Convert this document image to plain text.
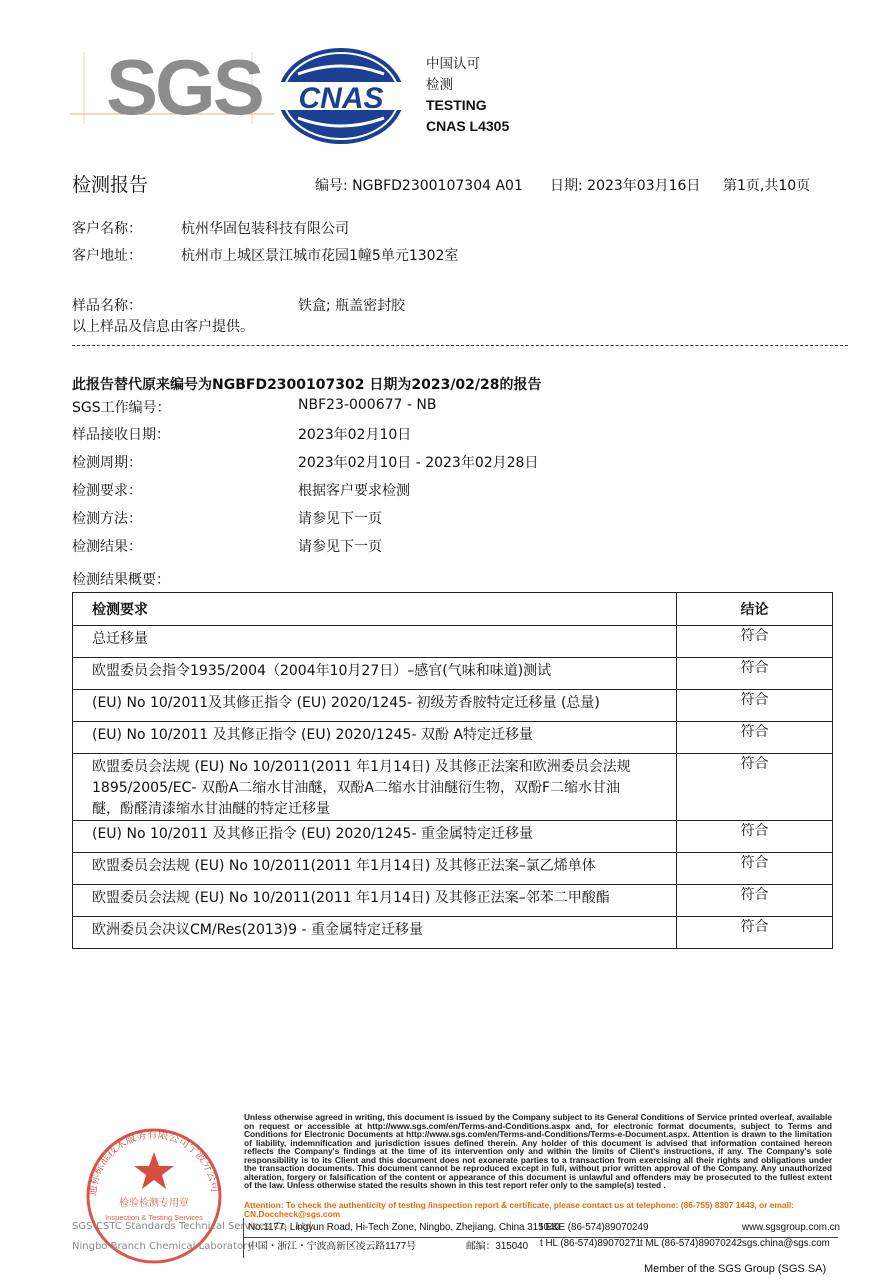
SGS CNAS
中国认可
检测
TESTING
CNAS L4305
检测报告	编号: NGBFD2300107304 A01 日期: 2023年03月16日 第1页,共10页
客户名称：	杭州华固包装科技有限公司
客户地址：	杭州市上城区景江城市花园1幢5单元1302室
样品名称：	铁盒; 瓶盖密封胶
以上样品及信息由客户提供。
此报告替代原来编号为NGBFD2300107302 日期为2023/02/28的报告
SGS工作编号：	NBF23-000677 - NB
样品接收日期：	2023年02月10日
检测周期：	2023年02月10日 - 2023年02月28日
检测要求：	根据客户要求检测
检测方法：	请参见下一页
检测结果：	请参见下一页
检测结果概要：
检测要求	结论
总迁移量	符合
欧盟委员会指令1935/2004（2004年10月27日）–感官(气味和味道)测试	符合
(EU) No 10/2011及其修正指令 (EU) 2020/1245- 初级芳香胺特定迁移量 (总量)	符合
(EU) No 10/2011 及其修正指令 (EU) 2020/1245- 双酚 A特定迁移量	符合
欧盟委员会法规 (EU) No 10/2011(2011 年1月14日) 及其修正法案和欧洲委员会法规1895/2005/EC- 双酚A二缩水甘油醚，双酚A二缩水甘油醚衍生物，双酚F二缩水甘油醚，酚醛清漆缩水甘油醚的特定迁移量	符合
(EU) No 10/2011 及其修正指令 (EU) 2020/1245- 重金属特定迁移量	符合
欧盟委员会法规 (EU) No 10/2011(2011 年1月14日) 及其修正法案–氯乙烯单体	符合
欧盟委员会法规 (EU) No 10/2011(2011 年1月14日) 及其修正法案–邻苯二甲酸酯	符合
欧洲委员会决议CM/Res(2013)9 - 重金属特定迁移量	符合
通标标准技术服务有限公司宁波分公司
检验检测专用章
Inspection & Testing Services
SGS-CSTC Standards Technical Services Co., Ltd.
Ningbo Branch Chemical Laboratory
Unless otherwise agreed in writing, this document is issued by the Company subject to its General Conditions of Service printed overleaf, available on request or accessible at http://www.sgs.com/en/Terms-and-Conditions.aspx and, for electronic format documents, subject to Terms and Conditions for Electronic Documents at http://www.sgs.com/en/Terms-and-Conditions/Terms-e-Document.aspx. Attention is drawn to the limitation of liability, indemnification and jurisdiction issues defined therein. Any holder of this document is advised that information contained hereon reflects the Company's findings at the time of its intervention only and within the limits of Client's instructions, if any. The Company's sole responsibility is to its Client and this document does not exonerate parties to a transaction from exercising all their rights and obligations under the transaction documents. This document cannot be reproduced except in full, without prior written approval of the Company. Any unauthorized alteration, forgery or falsification of the content or appearance of this document is unlawful and offenders may be prosecuted to the fullest extent of the law. Unless otherwise stated the results shown in this test report refer only to the sample(s) tested .
Attention: To check the authenticity of testing /inspection report & certificate, please contact us at telephone: (86-755) 8307 1443, or email: CN.Doccheck@sgs.com
No.1177, Lingyun Road, Hi-Tech Zone, Ningbo, Zhejiang, China 315040
t E&E (86-574)89070249	www.sgsgroup.com.cn
中国・浙江・宁波高新区凌云路1177号	邮编：315040 t HL (86-574)89070271 t ML (86-574)89070242 sgs.china@sgs.com
Member of the SGS Group (SGS SA)
